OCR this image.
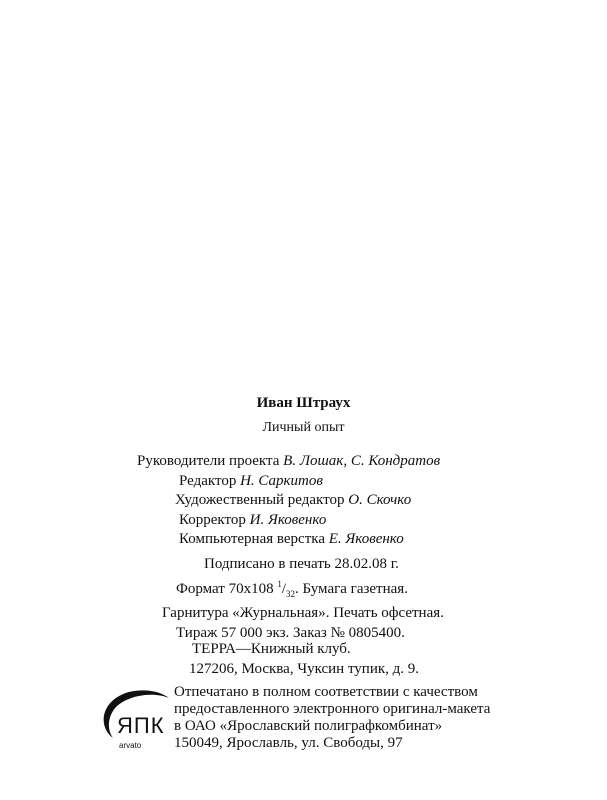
Иван Штраух
Личный опыт
Руководители проекта В. Лошак, С. Кондратов
Редактор Н. Саркитов
Художественный редактор О. Скочко
Корректор И. Яковенко
Компьютерная верстка Е. Яковенко
Подписано в печать 28.02.08 г.
Формат 70x108 $^1/_{32}$. Бумага газетная.
Гарнитура «Журнальная». Печать офсетная.
Тираж 57 000 экз. Заказ № 0805400.
ТЕРРА—Книжный клуб.
127206, Москва, Чуксин тупик, д. 9.
ЯПК
arvato
Отпечатано в полном соответствии с качеством
предоставленного электронного оригинал-макета
в ОАО «Ярославский полиграфкомбинат»
150049, Ярославль, ул. Свободы, 97
